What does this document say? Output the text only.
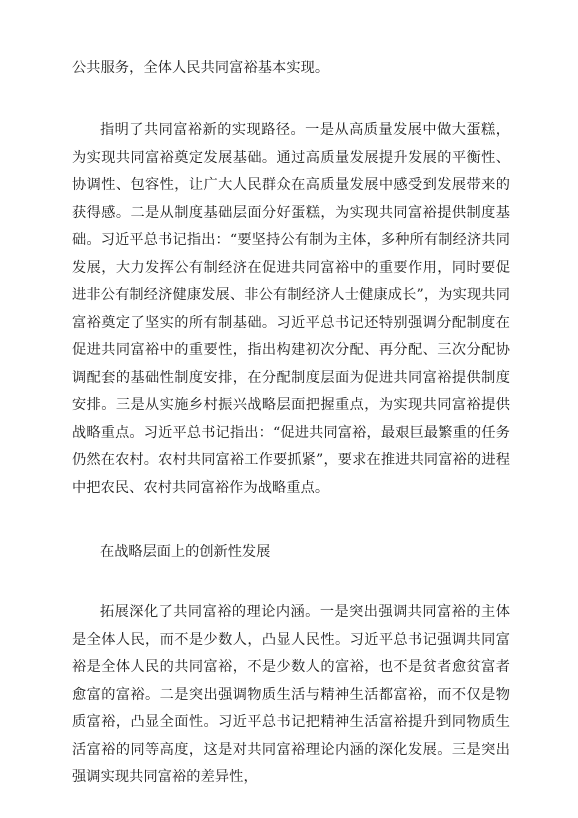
公共服务，全体人民共同富裕基本实现。

指明了共同富裕新的实现路径。一是从高质量发展中做大蛋糕，为实现共同富裕奠定发展基础。通过高质量发展提升发展的平衡性、协调性、包容性，让广大人民群众在高质量发展中感受到发展带来的获得感。二是从制度基础层面分好蛋糕，为实现共同富裕提供制度基础。习近平总书记指出：“要坚持公有制为主体，多种所有制经济共同发展，大力发挥公有制经济在促进共同富裕中的重要作用，同时要促进非公有制经济健康发展、非公有制经济人士健康成长”，为实现共同富裕奠定了坚实的所有制基础。习近平总书记还特别强调分配制度在促进共同富裕中的重要性，指出构建初次分配、再分配、三次分配协调配套的基础性制度安排，在分配制度层面为促进共同富裕提供制度安排。三是从实施乡村振兴战略层面把握重点，为实现共同富裕提供战略重点。习近平总书记指出：“促进共同富裕，最艰巨最繁重的任务仍然在农村。农村共同富裕工作要抓紧”，要求在推进共同富裕的进程中把农民、农村共同富裕作为战略重点。

在战略层面上的创新性发展

拓展深化了共同富裕的理论内涵。一是突出强调共同富裕的主体是全体人民，而不是少数人，凸显人民性。习近平总书记强调共同富裕是全体人民的共同富裕，不是少数人的富裕，也不是贫者愈贫富者愈富的富裕。二是突出强调物质生活与精神生活都富裕，而不仅是物质富裕，凸显全面性。习近平总书记把精神生活富裕提升到同物质生活富裕的同等高度，这是对共同富裕理论内涵的深化发展。三是突出强调实现共同富裕的差异性，
